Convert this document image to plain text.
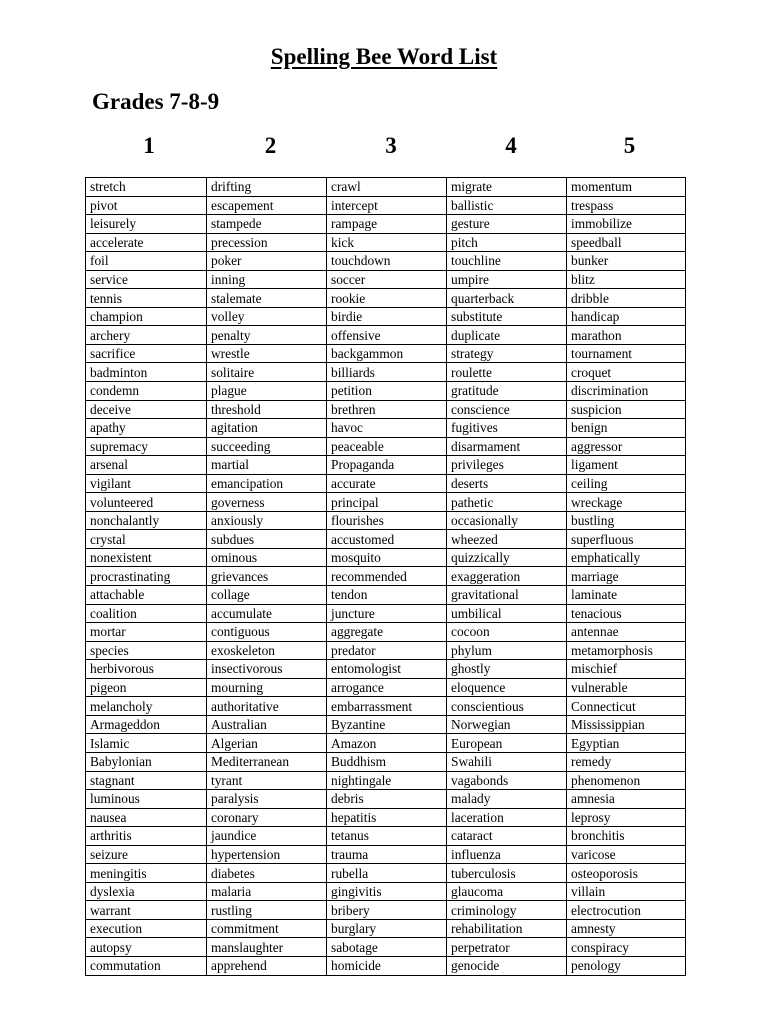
Spelling Bee Word List
Grades 7-8-9
1	2	3	4	5
stretch	drifting	crawl	migrate	momentum
pivot	escapement	intercept	ballistic	trespass
leisurely	stampede	rampage	gesture	immobilize
accelerate	precession	kick	pitch	speedball
foil	poker	touchdown	touchline	bunker
service	inning	soccer	umpire	blitz
tennis	stalemate	rookie	quarterback	dribble
champion	volley	birdie	substitute	handicap
archery	penalty	offensive	duplicate	marathon
sacrifice	wrestle	backgammon	strategy	tournament
badminton	solitaire	billiards	roulette	croquet
condemn	plague	petition	gratitude	discrimination
deceive	threshold	brethren	conscience	suspicion
apathy	agitation	havoc	fugitives	benign
supremacy	succeeding	peaceable	disarmament	aggressor
arsenal	martial	Propaganda	privileges	ligament
vigilant	emancipation	accurate	deserts	ceiling
volunteered	governess	principal	pathetic	wreckage
nonchalantly	anxiously	flourishes	occasionally	bustling
crystal	subdues	accustomed	wheezed	superfluous
nonexistent	ominous	mosquito	quizzically	emphatically
procrastinating	grievances	recommended	exaggeration	marriage
attachable	collage	tendon	gravitational	laminate
coalition	accumulate	juncture	umbilical	tenacious
mortar	contiguous	aggregate	cocoon	antennae
species	exoskeleton	predator	phylum	metamorphosis
herbivorous	insectivorous	entomologist	ghostly	mischief
pigeon	mourning	arrogance	eloquence	vulnerable
melancholy	authoritative	embarrassment	conscientious	Connecticut
Armageddon	Australian	Byzantine	Norwegian	Mississippian
Islamic	Algerian	Amazon	European	Egyptian
Babylonian	Mediterranean	Buddhism	Swahili	remedy
stagnant	tyrant	nightingale	vagabonds	phenomenon
luminous	paralysis	debris	malady	amnesia
nausea	coronary	hepatitis	laceration	leprosy
arthritis	jaundice	tetanus	cataract	bronchitis
seizure	hypertension	trauma	influenza	varicose
meningitis	diabetes	rubella	tuberculosis	osteoporosis
dyslexia	malaria	gingivitis	glaucoma	villain
warrant	rustling	bribery	criminology	electrocution
execution	commitment	burglary	rehabilitation	amnesty
autopsy	manslaughter	sabotage	perpetrator	conspiracy
commutation	apprehend	homicide	genocide	penology
